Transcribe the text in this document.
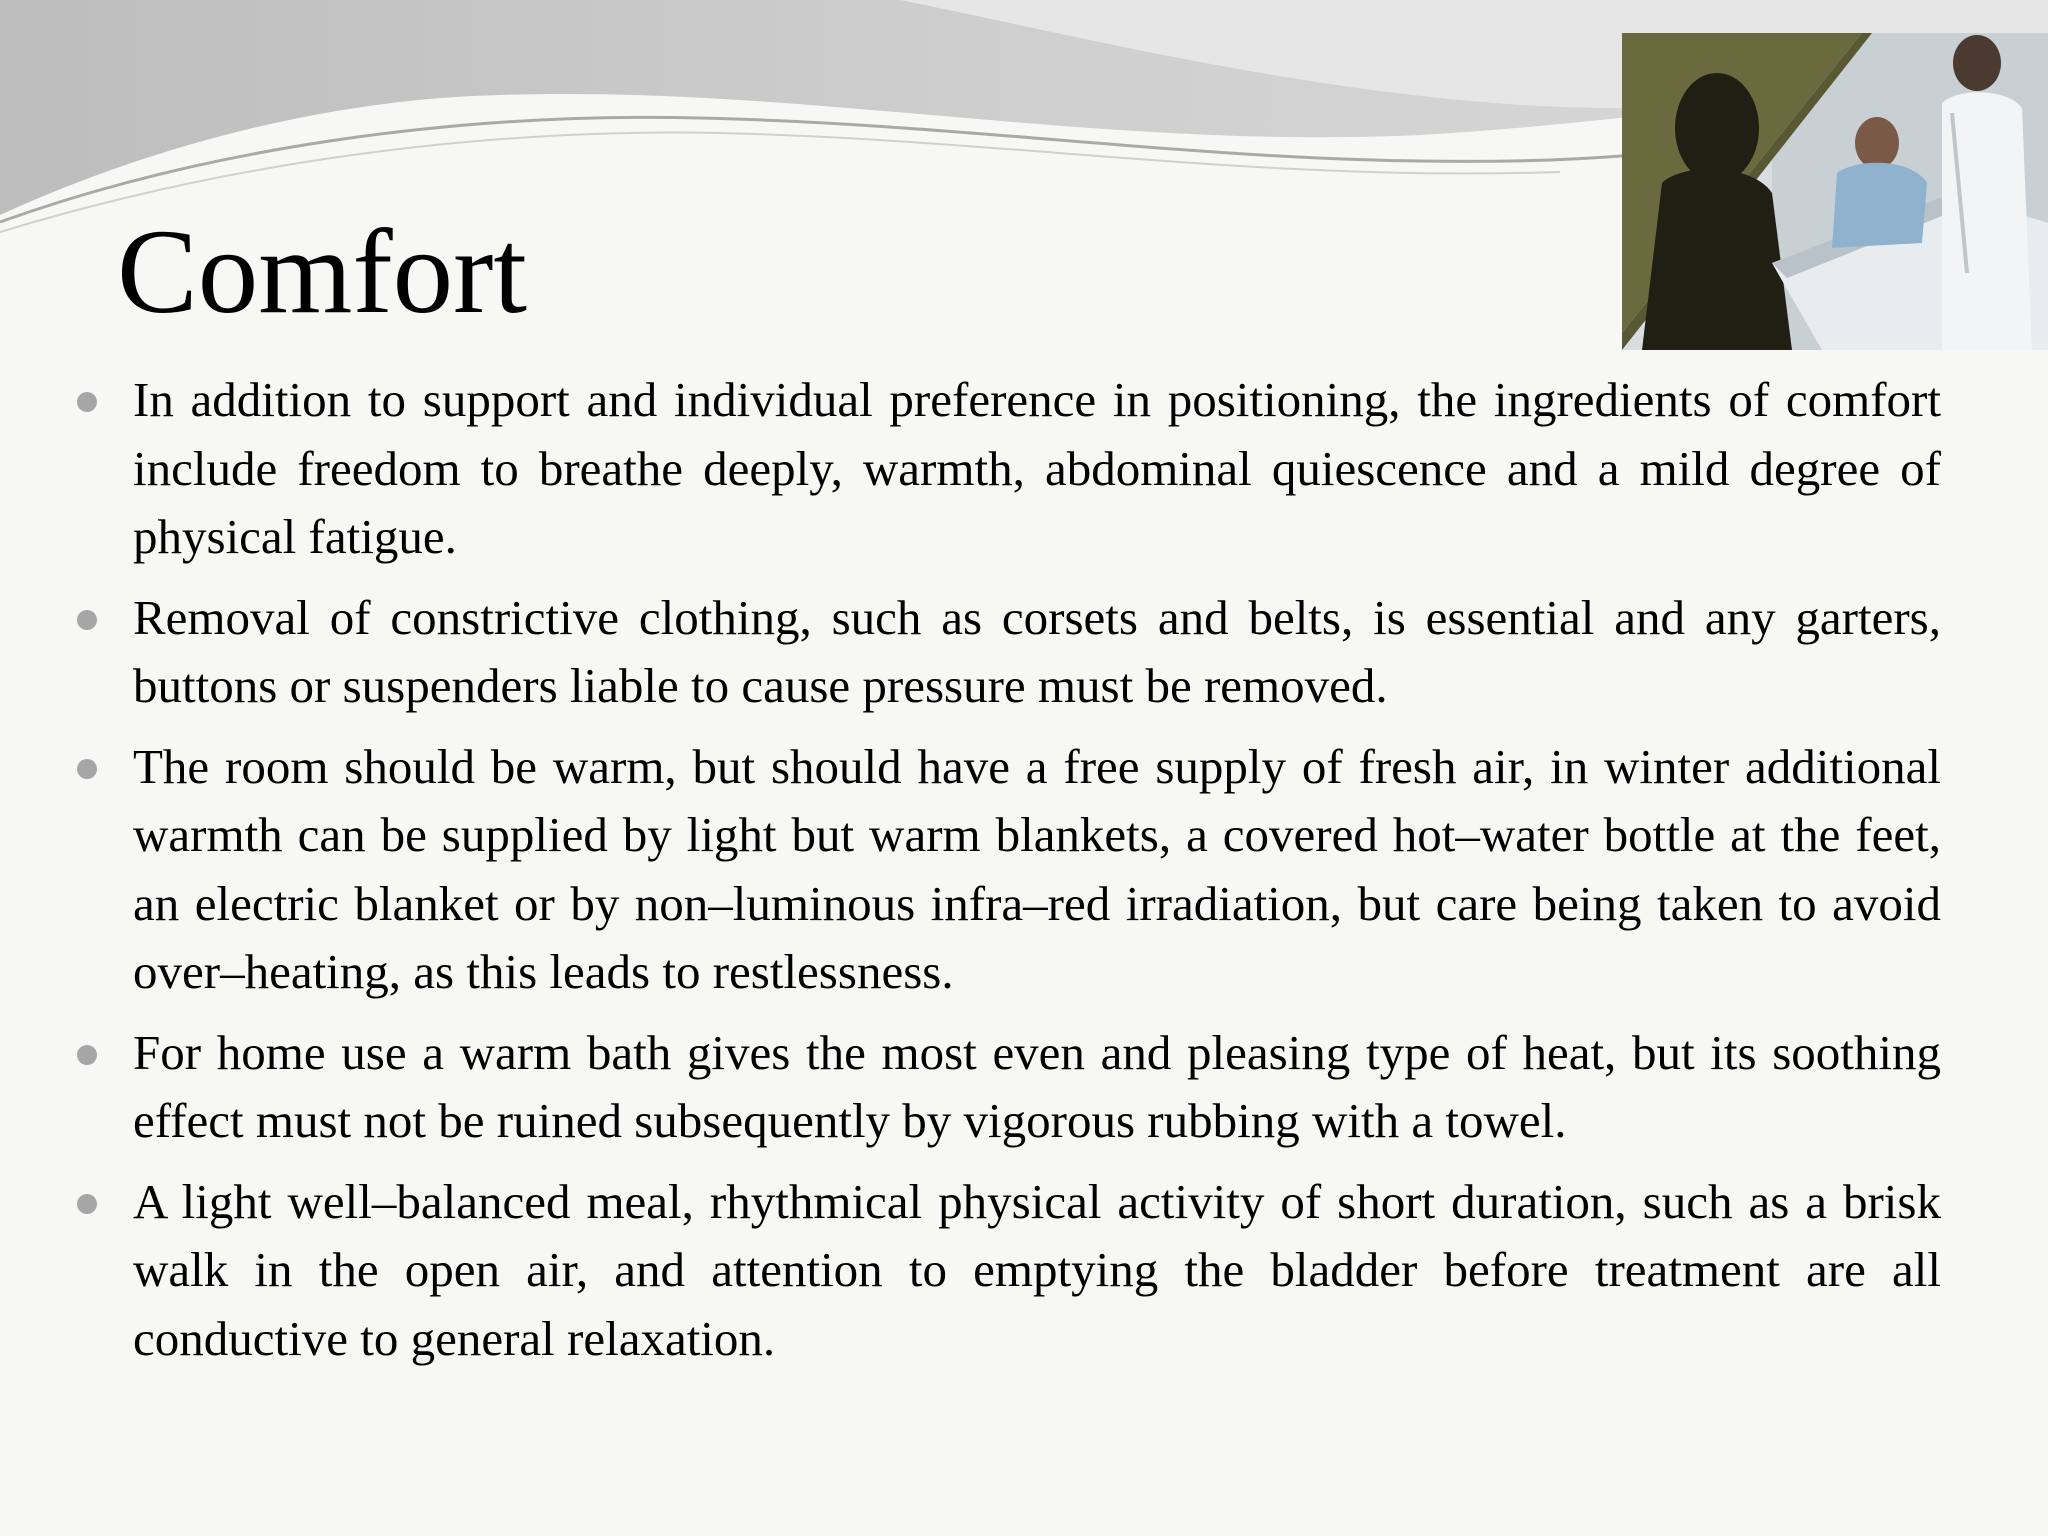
Comfort
In addition to support and individual preference in positioning, the ingredients of comfort include freedom to breathe deeply, warmth, abdominal quiescence and a mild degree of physical fatigue.
Removal of constrictive clothing, such as corsets and belts, is essential and any garters, buttons or suspenders liable to cause pressure must be removed.
The room should be warm, but should have a free supply of fresh air, in winter additional warmth can be supplied by light but warm blankets, a covered hot–water bottle at the feet, an electric blanket or by non–luminous infra–red irradiation, but care being taken to avoid over–heating, as this leads to restlessness.
For home use a warm bath gives the most even and pleasing type of heat, but its soothing effect must not be ruined subsequently by vigorous rubbing with a towel.
A light well–balanced meal, rhythmical physical activity of short duration, such as a brisk walk in the open air, and attention to emptying the bladder before treatment are all conductive to general relaxation.
